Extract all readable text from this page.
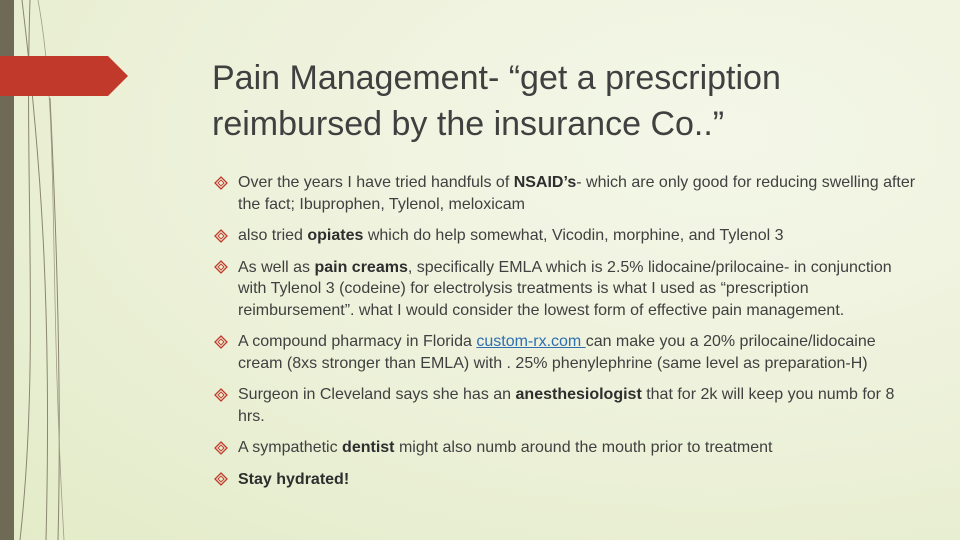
Pain Management- “get a prescription reimbursed by the insurance Co..”
Over the years I have tried handfuls of NSAID’s- which are only good for reducing swelling after the fact; Ibuprophen, Tylenol, meloxicam
also tried opiates which do help somewhat, Vicodin, morphine, and Tylenol 3
As well as pain creams, specifically EMLA which is 2.5% lidocaine/prilocaine- in conjunction with Tylenol 3 (codeine) for electrolysis treatments is what I used as “prescription reimbursement”. what I would consider the lowest form of effective pain management.
A compound pharmacy in Florida custom-rx.com can make you a 20% prilocaine/lidocaine cream (8xs stronger than EMLA) with . 25% phenylephrine (same level as preparation-H)
Surgeon in Cleveland says she has an anesthesiologist that for 2k will keep you numb for 8 hrs.
A sympathetic dentist might also numb around the mouth prior to treatment
Stay hydrated!
